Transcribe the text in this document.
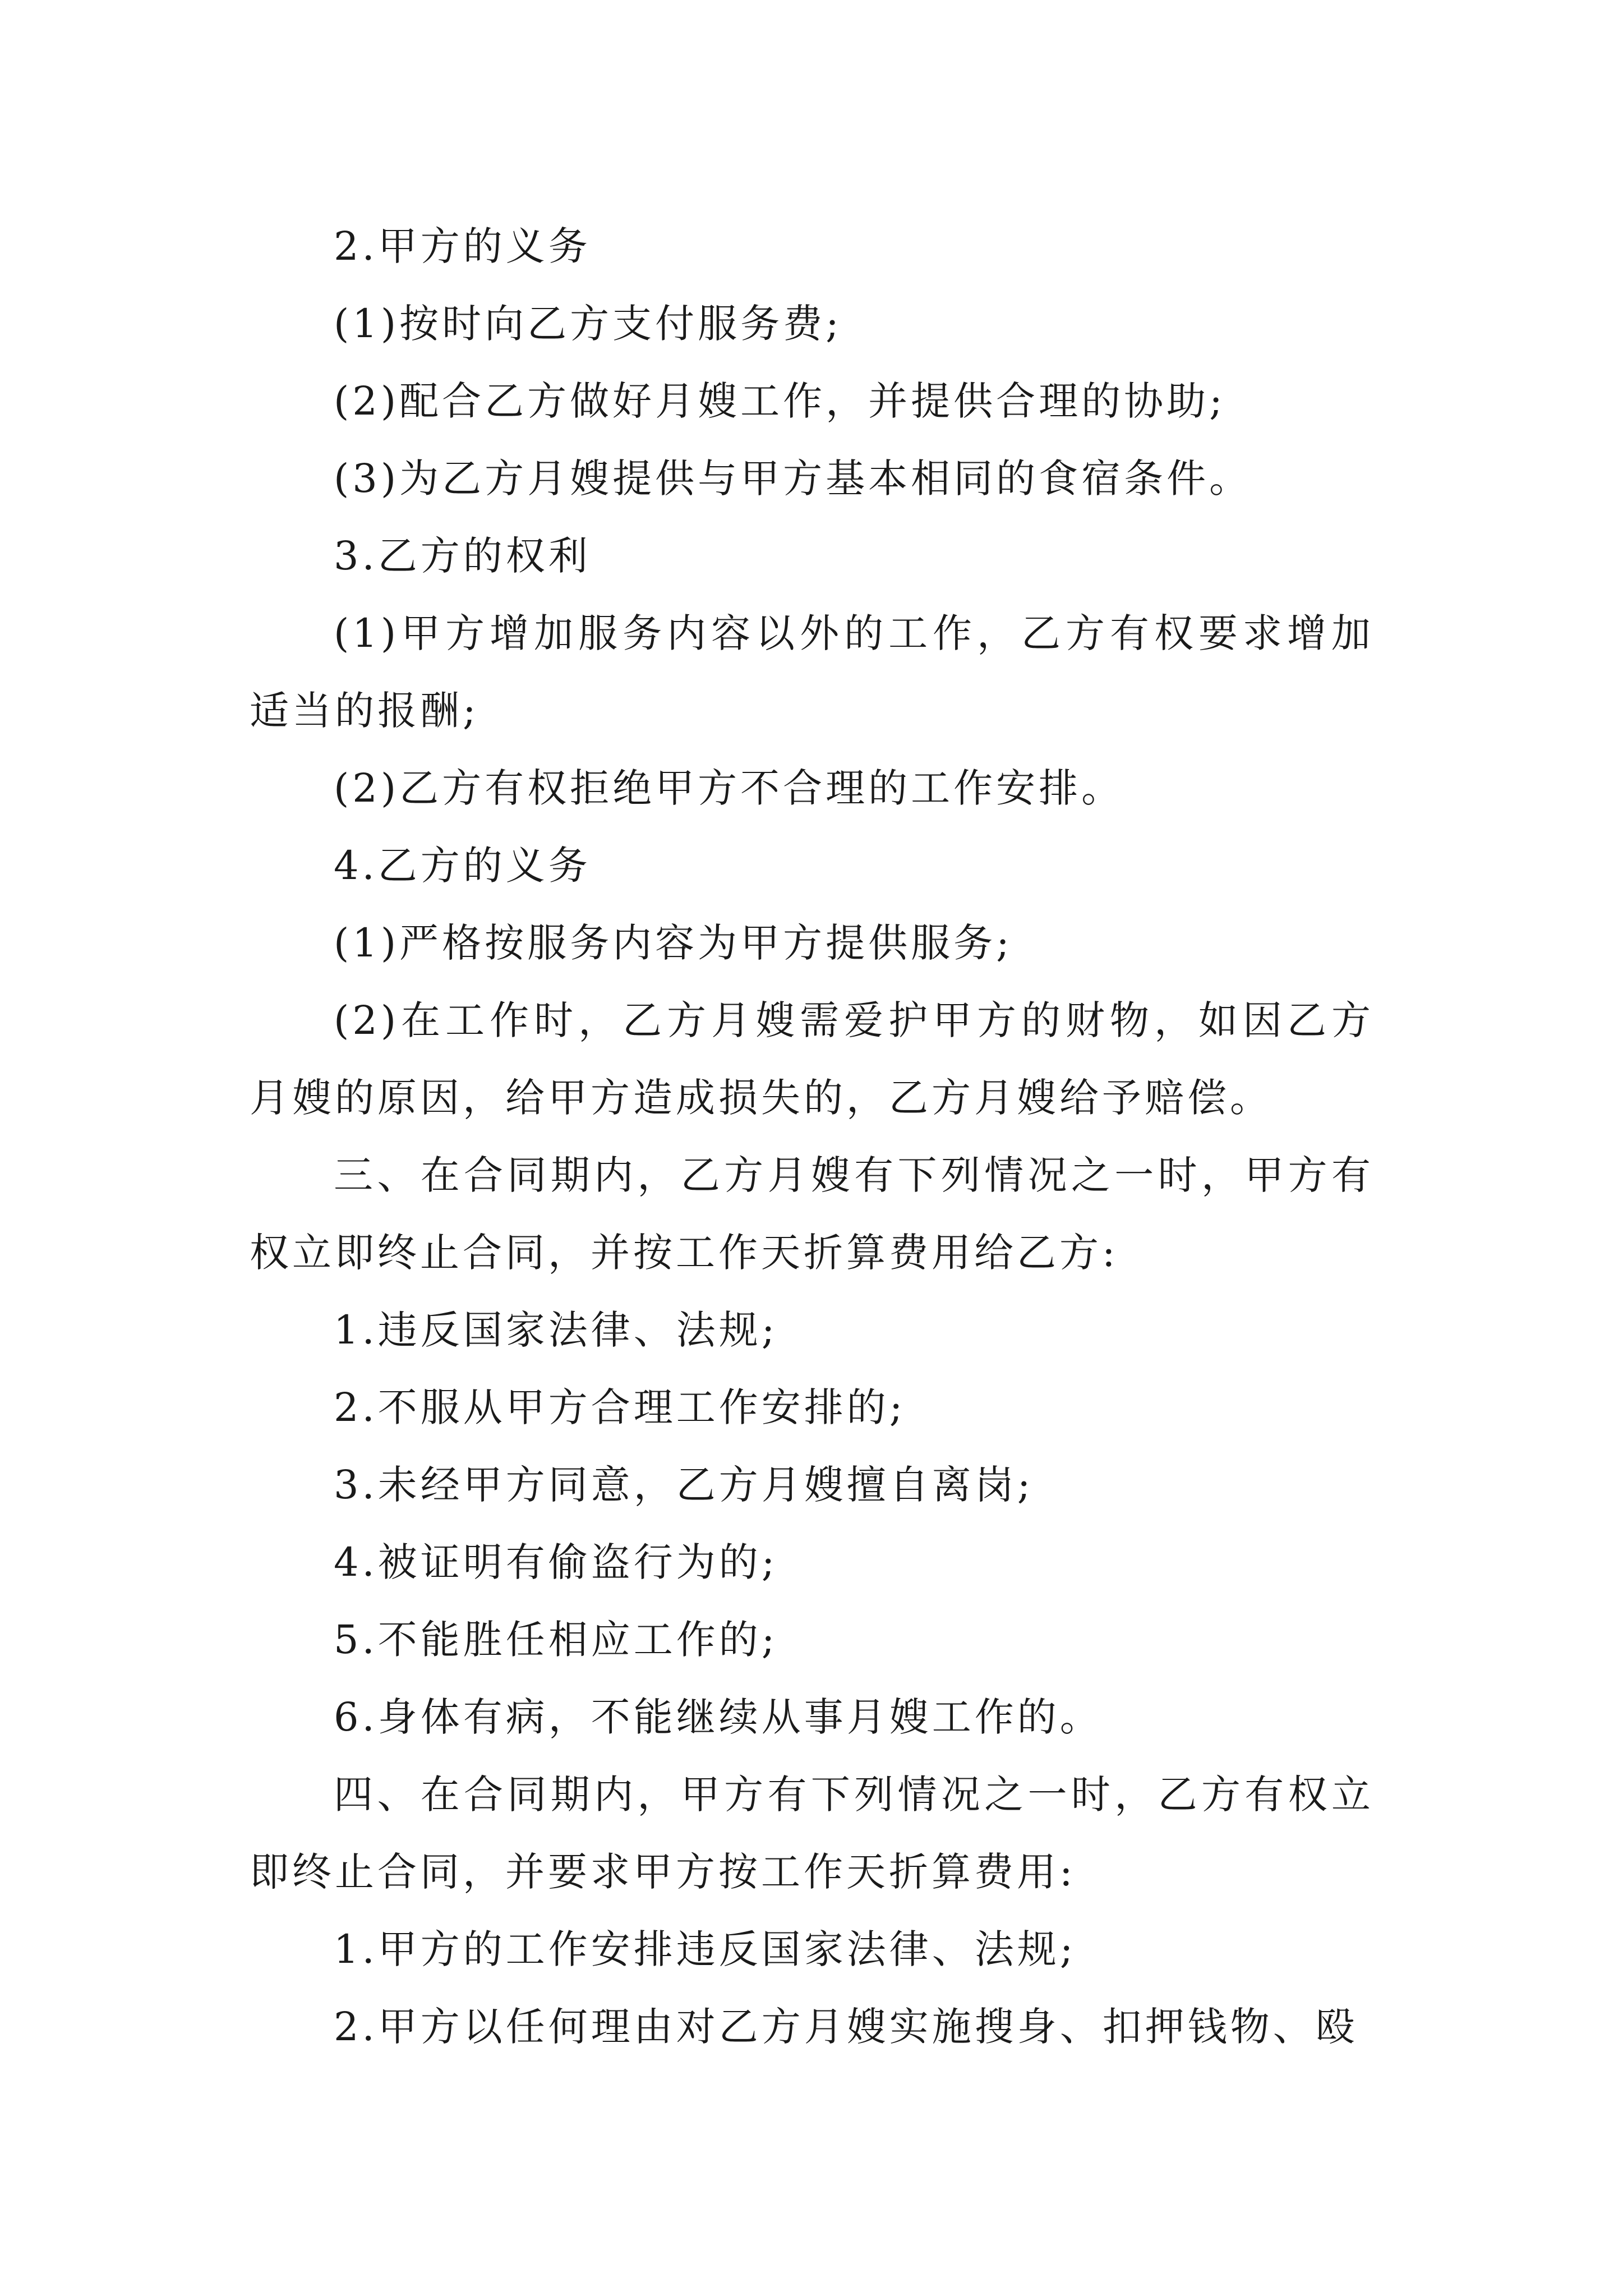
2.甲方的义务

(1)按时向乙方支付服务费;

(2)配合乙方做好月嫂工作，并提供合理的协助;

(3)为乙方月嫂提供与甲方基本相同的食宿条件。

3.乙方的权利

(1)甲方增加服务内容以外的工作，乙方有权要求增加适当的报酬;

(2)乙方有权拒绝甲方不合理的工作安排。

4.乙方的义务

(1)严格按服务内容为甲方提供服务;

(2)在工作时，乙方月嫂需爱护甲方的财物，如因乙方月嫂的原因，给甲方造成损失的，乙方月嫂给予赔偿。

三、在合同期内，乙方月嫂有下列情况之一时，甲方有权立即终止合同，并按工作天折算费用给乙方:

1.违反国家法律、法规;

2.不服从甲方合理工作安排的;

3.未经甲方同意，乙方月嫂擅自离岗;

4.被证明有偷盗行为的;

5.不能胜任相应工作的;

6.身体有病，不能继续从事月嫂工作的。

四、在合同期内，甲方有下列情况之一时，乙方有权立即终止合同，并要求甲方按工作天折算费用:

1.甲方的工作安排违反国家法律、法规;

2.甲方以任何理由对乙方月嫂实施搜身、扣押钱物、殴
